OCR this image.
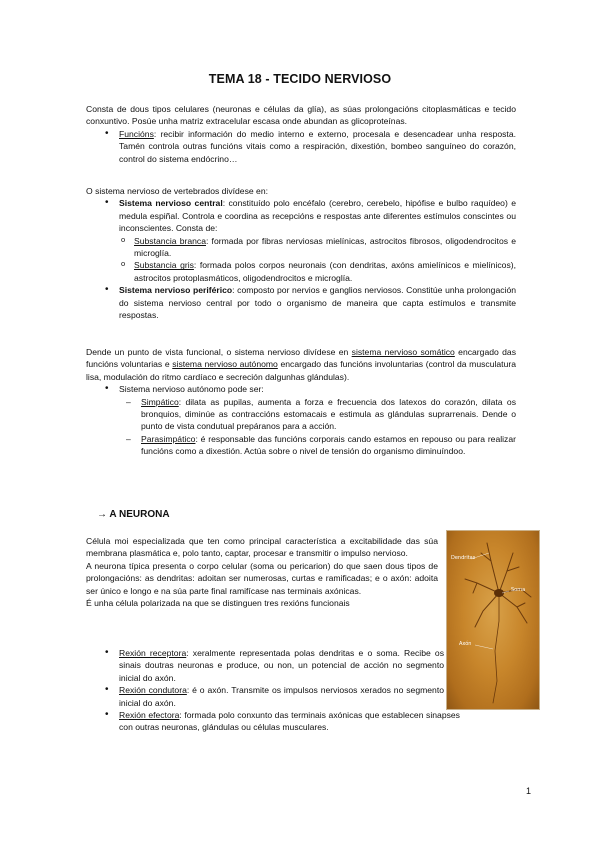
TEMA 18 - TECIDO NERVIOSO

Consta de dous tipos celulares (neuronas e células da glía), as súas prolongacións citoplasmáticas e tecido conxuntivo. Posúe unha matriz extracelular escasa onde abundan as glicoproteínas.

• Funcións: recibir información do medio interno e externo, procesala e desencadear unha resposta. Tamén controla outras funcións vitais como a respiración, dixestión, bombeo sanguíneo do corazón, control do sistema endócrino…

O sistema nervioso de vertebrados divídese en:

• Sistema nervioso central: constituído polo encéfalo (cerebro, cerebelo, hipófise e bulbo raquídeo) e medula espiñal. Controla e coordina as recepcións e respostas ante diferentes estímulos conscintes ou inconscientes. Consta de:
o Substancia branca: formada por fibras nerviosas mielínicas, astrocitos fibrosos, oligodendrocitos e microglía.
o Substancia gris: formada polos corpos neuronais (con dendritas, axóns amielínicos e mielínicos), astrocitos protoplasmáticos, oligodendrocitos e microglía.
• Sistema nervioso periférico: composto por nervios e ganglios nerviosos. Constitúe unha prolongación do sistema nervioso central por todo o organismo de maneira que capta estímulos e transmite respostas.

Dende un punto de vista funcional, o sistema nervioso divídese en sistema nervioso somático encargado das funcións voluntarias e sistema nervioso autónomo encargado das funcións involuntarias (control da musculatura lisa, modulación do ritmo cardíaco e secreción dalgunhas glándulas).

• Sistema nervioso autónomo pode ser:
– Simpático: dilata as pupilas, aumenta a forza e frecuencia dos latexos do corazón, dilata os bronquios, diminúe as contraccións estomacais e estimula as glándulas suprarrenais. Dende o punto de vista condutual prepáranos para a acción.
– Parasimpático: é responsable das funcións corporais cando estamos en repouso ou para realizar funcións como a dixestión. Actúa sobre o nivel de tensión do organismo diminuíndoo.
→ A NEURONA

Célula moi especializada que ten como principal característica a excitabilidade das súa membrana plasmática e, polo tanto, captar, procesar e transmitir o impulso nervioso.

A neurona típica presenta o corpo celular (soma ou pericarion) do que saen dous tipos de prolongacións: as dendritas: adoitan ser numerosas, curtas e ramificadas; e o axón: adoita ser único e longo e na súa parte final ramifícase nas terminais axónicas.

É unha célula polarizada na que se distinguen tres rexións funcionais

• Rexión receptora: xeralmente representada polas dendritas e o soma. Recibe os sinais doutras neuronas e produce, ou non, un potencial de acción no segmento inicial do axón.
• Rexión condutora: é o axón. Transmite os impulsos nerviosos xerados no segmento inicial do axón.
• Rexión efectora: formada polo conxunto das terminais axónicas que establecen sinapses con outras neuronas, glándulas ou células musculares.
Dendritas
Soma
Axón
1
